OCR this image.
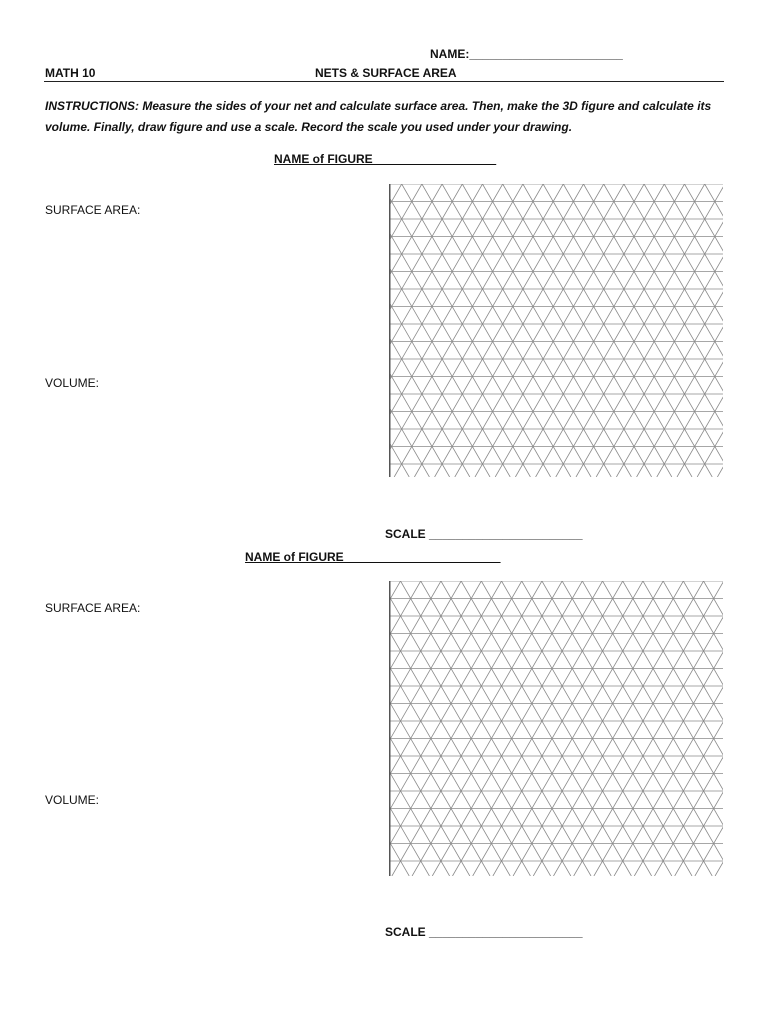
NAME:_______________________
MATH 10	NETS & SURFACE AREA
INSTRUCTIONS: Measure the sides of your net and calculate surface area. Then, make the 3D figure and calculate its volume. Finally, draw figure and use a scale. Record the scale you used under your drawing.
NAME of FIGURE __________________
SURFACE AREA:
VOLUME:
SCALE _______________________
NAME of FIGURE _______________________
SURFACE AREA:
VOLUME:
SCALE _______________________
